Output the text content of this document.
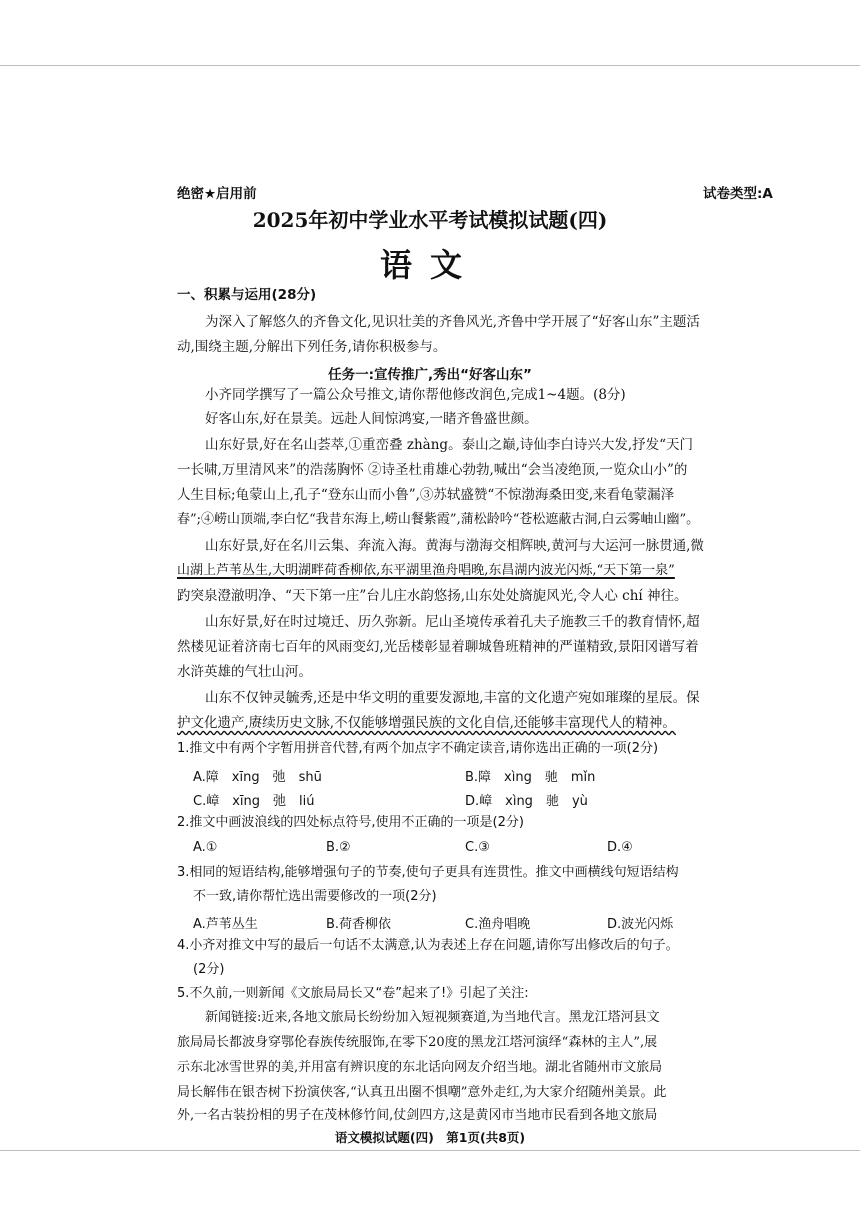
绝密★启用前	试卷类型:A
2025年初中学业水平考试模拟试题(四)
语文
一、积累与运用(28分)
为深入了解悠久的齐鲁文化,见识壮美的齐鲁风光,齐鲁中学开展了“好客山东”主题活
动,围绕主题,分解出下列任务,请你积极参与。
任务一:宣传推广,秀出“好客山东”
小齐同学撰写了一篇公众号推文,请你帮他修改润色,完成1~4题。(8分)
好客山东,好在景美。远赴人间惊鸿宴,一睹齐鲁盛世颜。
山东好景,好在名山荟萃,①重峦叠 zhàng。泰山之巅,诗仙李白诗兴大发,抒发“天门
一长啸,万里清风来”的浩荡胸怀 ②诗圣杜甫雄心勃勃,喊出“会当凌绝顶,一览众山小”的
人生目标;龟蒙山上,孔子“登东山而小鲁”,③苏轼盛赞“不惊渤海桑田变,来看龟蒙漏泽
春”;④崂山顶端,李白忆“我昔东海上,崂山餐紫霞”,蒲松龄吟“苍松遮蔽古洞,白云雾岫山幽”。
山东好景,好在名川云集、奔流入海。黄海与渤海交相辉映,黄河与大运河一脉贯通,微
山湖上芦苇丛生,大明湖畔荷香柳依,东平湖里渔舟唱晚,东昌湖内波光闪烁,“天下第一泉”
趵突泉澄澈明净、“天下第一庄”台儿庄水韵悠扬,山东处处旖旎风光,令人心 chí 神往。
山东好景,好在时过境迁、历久弥新。尼山圣境传承着孔夫子施教三千的教育情怀,超
然楼见证着济南七百年的风雨变幻,光岳楼彰显着聊城鲁班精神的严谨精致,景阳冈谱写着
水浒英雄的气壮山河。
山东不仅钟灵毓秀,还是中华文明的重要发源地,丰富的文化遗产宛如璀璨的星辰。保
护文化遗产,赓续历史文脉,不仅能够增强民族的文化自信,还能够丰富现代人的精神。
1.推文中有两个字暂用拼音代替,有两个加点字不确定读音,请你选出正确的一项(2分)
A.障　xīng　弛　shū	B.障　xìng　驰　mǐn
C.嶂　xīng　弛　liú	D.嶂　xìng　驰　yù
2.推文中画波浪线的四处标点符号,使用不正确的一项是(2分)
A.①	B.②	C.③	D.④
3.相同的短语结构,能够增强句子的节奏,使句子更具有连贯性。推文中画横线句短语结构
不一致,请你帮忙选出需要修改的一项(2分)
A.芦苇丛生	B.荷香柳依	C.渔舟唱晚	D.波光闪烁
4.小齐对推文中写的最后一句话不太满意,认为表述上存在问题,请你写出修改后的句子。
(2分)
5.不久前,一则新闻《文旅局局长又“卷”起来了!》引起了关注:
新闻链接:近来,各地文旅局长纷纷加入短视频赛道,为当地代言。黑龙江塔河县文
旅局局长都波身穿鄂伦春族传统服饰,在零下20度的黑龙江塔河演绎“森林的主人”,展
示东北冰雪世界的美,并用富有辨识度的东北话向网友介绍当地。湖北省随州市文旅局
局长解伟在银杏树下扮演侠客,“认真丑出圈不惧嘲”意外走红,为大家介绍随州美景。此
外,一名古装扮相的男子在茂林修竹间,仗剑四方,这是黄冈市当地市民看到各地文旅局
语文模拟试题(四)　第1页(共8页)
